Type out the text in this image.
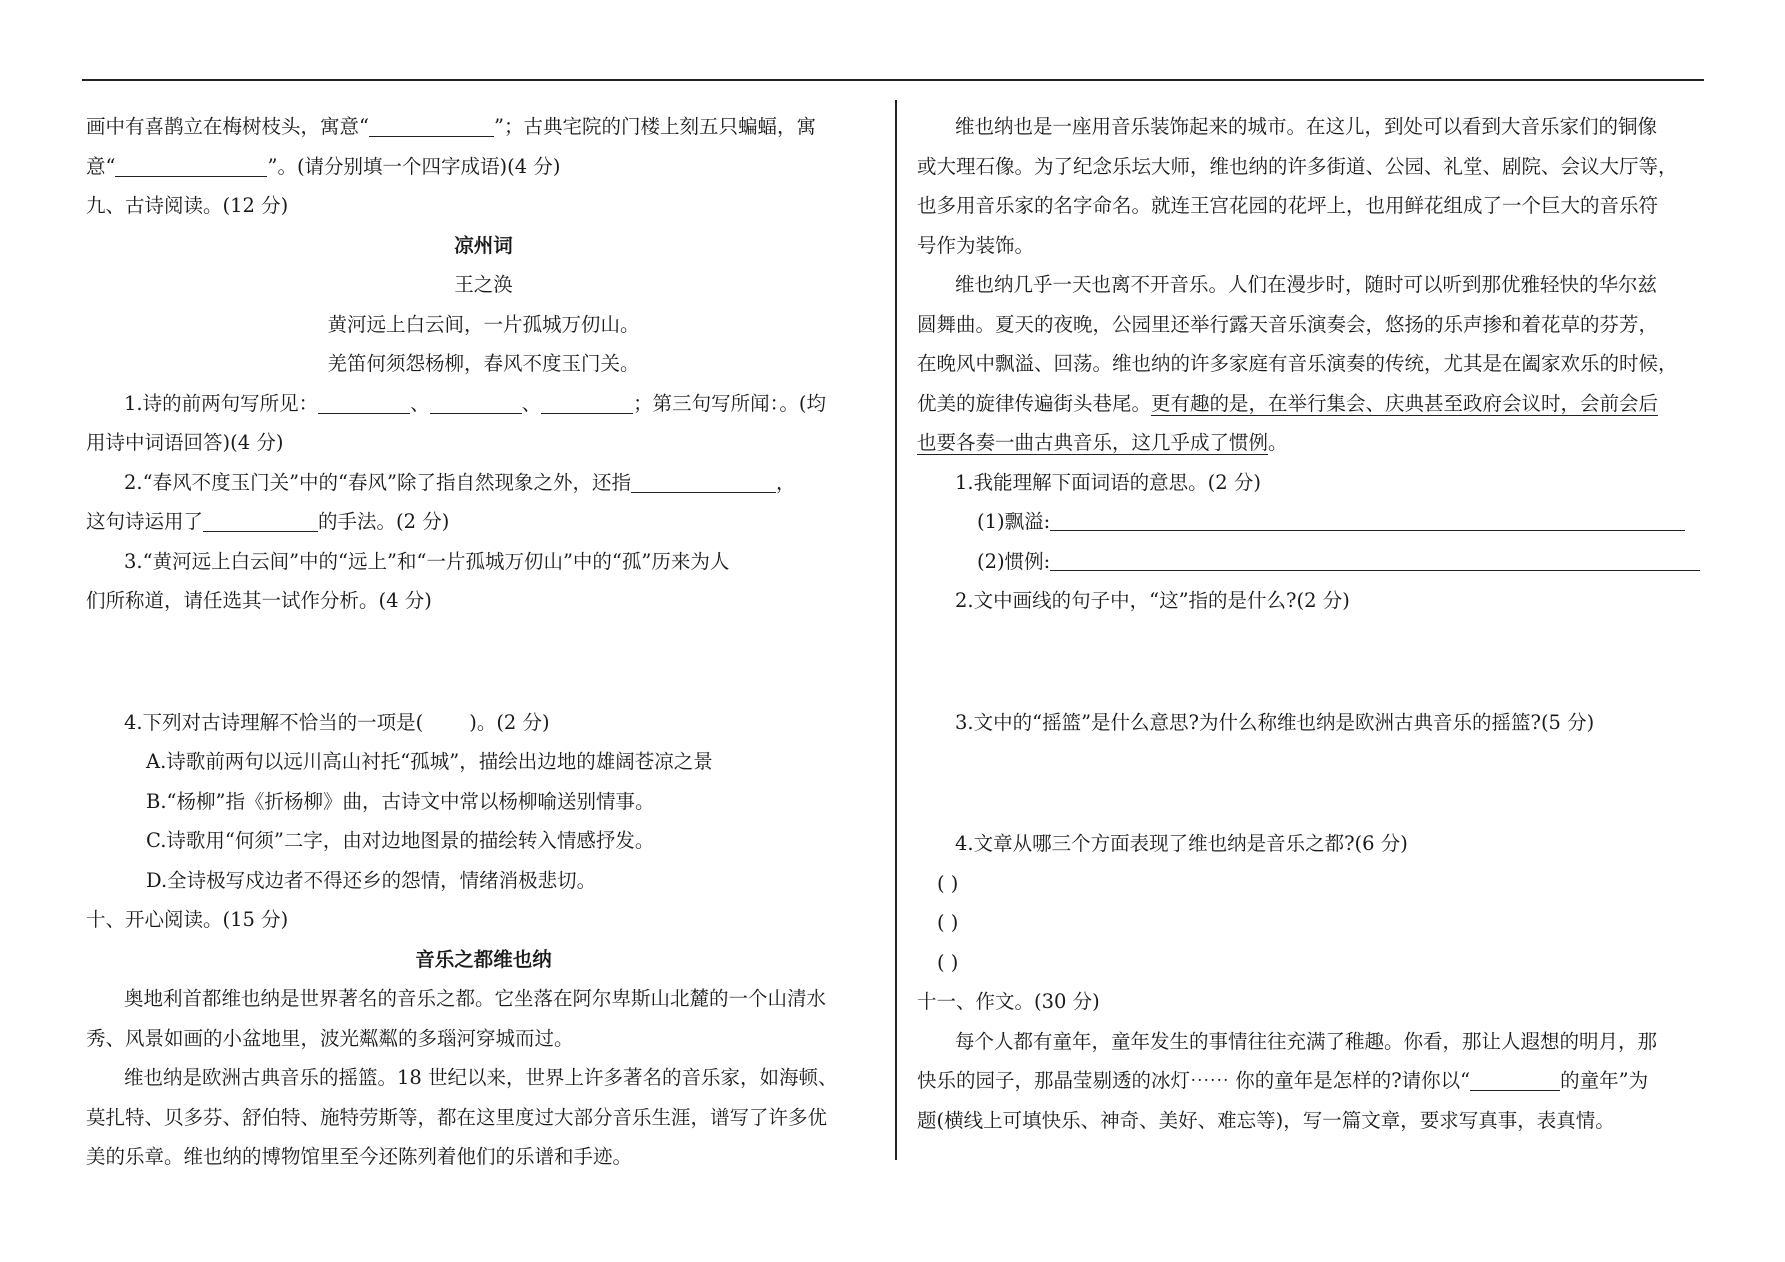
画中有喜鹊立在梅树枝头，寓意“	”；古典宅院的门楼上刻五只蝙蝠，寓
意“	”。(请分别填一个四字成语)(4 分)
九、古诗阅读。(12 分)
凉州词
王之涣
黄河远上白云间，一片孤城万仞山。
羌笛何须怨杨柳，春风不度玉门关。
1.诗的前两句写所见：	、	、	；第三句写所闻：。(均
用诗中词语回答)(4 分)
2.“春风不度玉门关”中的“春风”除了指自然现象之外，还指	，
这句诗运用了	的手法。(2 分)
3.“黄河远上白云间”中的“远上”和“一片孤城万仞山”中的“孤”历来为人
们所称道，请任选其一试作分析。(4 分)
4.下列对古诗理解不恰当的一项是( )。(2 分)
A.诗歌前两句以远川高山衬托“孤城”，描绘出边地的雄阔苍凉之景
B.“杨柳”指《折杨柳》曲，古诗文中常以杨柳喻送别情事。
C.诗歌用“何须”二字，由对边地图景的描绘转入情感抒发。
D.全诗极写戍边者不得还乡的怨情，情绪消极悲切。
十、开心阅读。(15 分)
音乐之都维也纳
奥地利首都维也纳是世界著名的音乐之都。它坐落在阿尔卑斯山北麓的一个山清水
秀、风景如画的小盆地里，波光粼粼的多瑙河穿城而过。
维也纳是欧洲古典音乐的摇篮。18 世纪以来，世界上许多著名的音乐家，如海顿、
莫扎特、贝多芬、舒伯特、施特劳斯等，都在这里度过大部分音乐生涯，谱写了许多优
美的乐章。维也纳的博物馆里至今还陈列着他们的乐谱和手迹。
维也纳也是一座用音乐装饰起来的城市。在这儿，到处可以看到大音乐家们的铜像
或大理石像。为了纪念乐坛大师，维也纳的许多街道、公园、礼堂、剧院、会议大厅等，
也多用音乐家的名字命名。就连王宫花园的花坪上，也用鲜花组成了一个巨大的音乐符
号作为装饰。
维也纳几乎一天也离不开音乐。人们在漫步时，随时可以听到那优雅轻快的华尔兹
圆舞曲。夏天的夜晚，公园里还举行露天音乐演奏会，悠扬的乐声掺和着花草的芬芳，
在晚风中飘溢、回荡。维也纳的许多家庭有音乐演奏的传统，尤其是在阖家欢乐的时候，
优美的旋律传遍街头巷尾。更有趣的是，在举行集会、庆典甚至政府会议时，会前会后
也要各奏一曲古典音乐，这几乎成了惯例。
1.我能理解下面词语的意思。(2 分)
(1)飘溢:
(2)惯例:
2.文中画线的句子中，“这”指的是什么?(2 分)
3.文中的“摇篮”是什么意思?为什么称维也纳是欧洲古典音乐的摇篮?(5 分)
4.文章从哪三个方面表现了维也纳是音乐之都?(6 分)
( )
( )
( )
十一、作文。(30 分)
每个人都有童年，童年发生的事情往往充满了稚趣。你看，那让人遐想的明月，那
快乐的园子，那晶莹剔透的冰灯⋯⋯ 你的童年是怎样的?请你以“	的童年”为
题(横线上可填快乐、神奇、美好、难忘等)，写一篇文章，要求写真事，表真情。
